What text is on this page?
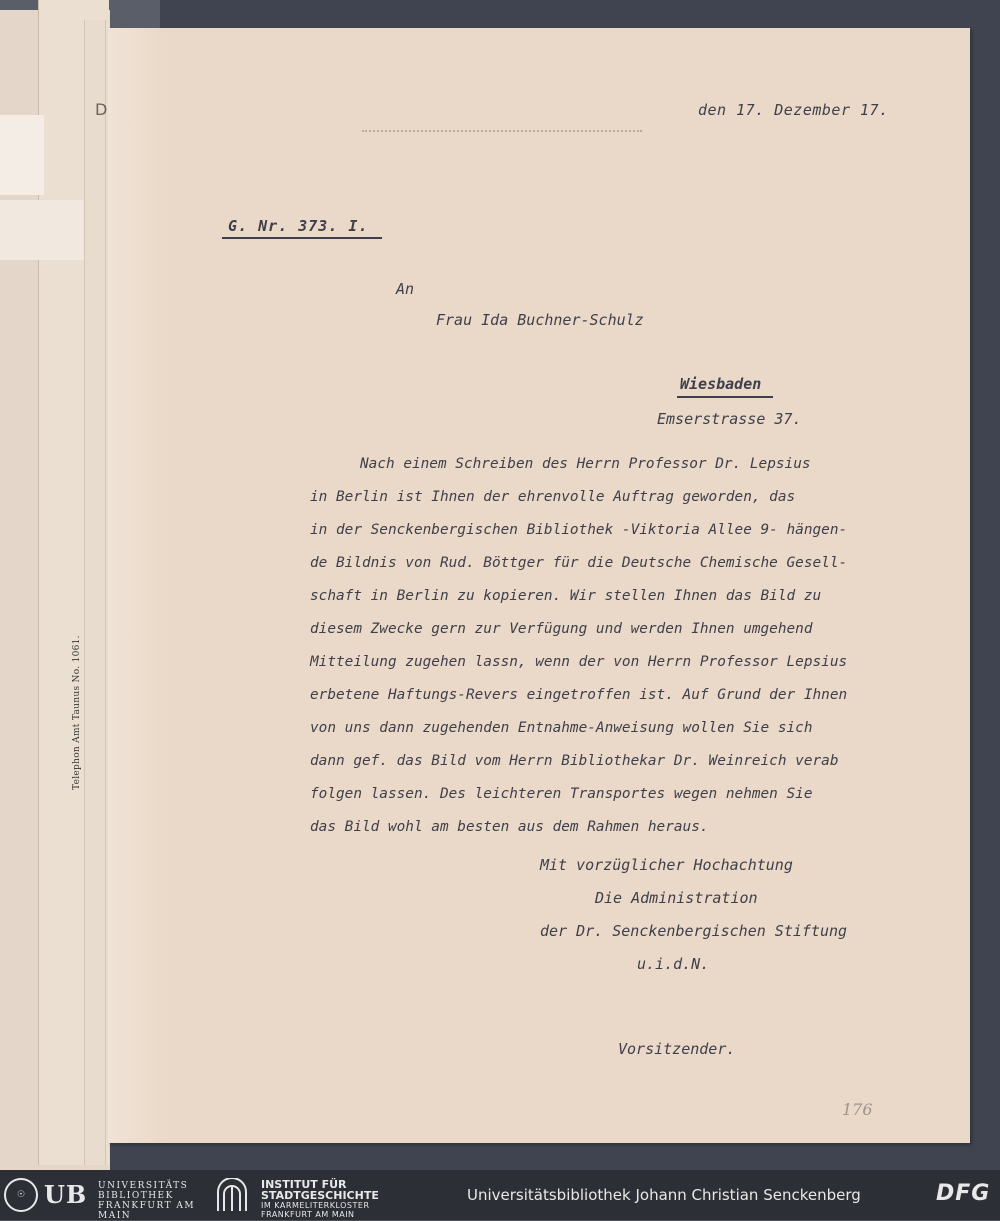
Telephon Amt Taunus No. 1061.
D	den 17. Dezember 17.
G. Nr. 373. I.
An
Frau Ida Buchner-Schulz
Wiesbaden
Emserstrasse 37.
Nach einem Schreiben des Herrn Professor Dr. Lepsius
in Berlin ist Ihnen der ehrenvolle Auftrag geworden, das
in der Senckenbergischen Bibliothek -Viktoria Allee 9- hängen-
de Bildnis von Rud. Böttger für die Deutsche Chemische Gesell-
schaft in Berlin zu kopieren. Wir stellen Ihnen das Bild zu
diesem Zwecke gern zur Verfügung und werden Ihnen umgehend
Mitteilung zugehen lassn, wenn der von Herrn Professor Lepsius
erbetene Haftungs-Revers eingetroffen ist. Auf Grund der Ihnen
von uns dann zugehenden Entnahme-Anweisung wollen Sie sich
dann gef. das Bild vom Herrn Bibliothekar Dr. Weinreich verab
folgen lassen. Des leichteren Transportes wegen nehmen Sie
das Bild wohl am besten aus dem Rahmen heraus.
Mit vorzüglicher Hochachtung
Die Administration
der Dr. Senckenbergischen Stiftung
u.i.d.N.
Vorsitzender.
176
☉ UB UNIVERSITÄTS
BIBLIOTHEK
FRANKFURT AM MAIN
INSTITUT FÜR
STADTGESCHICHTE
IM KARMELITERKLOSTER
FRANKFURT AM MAIN
Universitätsbibliothek Johann Christian Senckenberg	DFG
